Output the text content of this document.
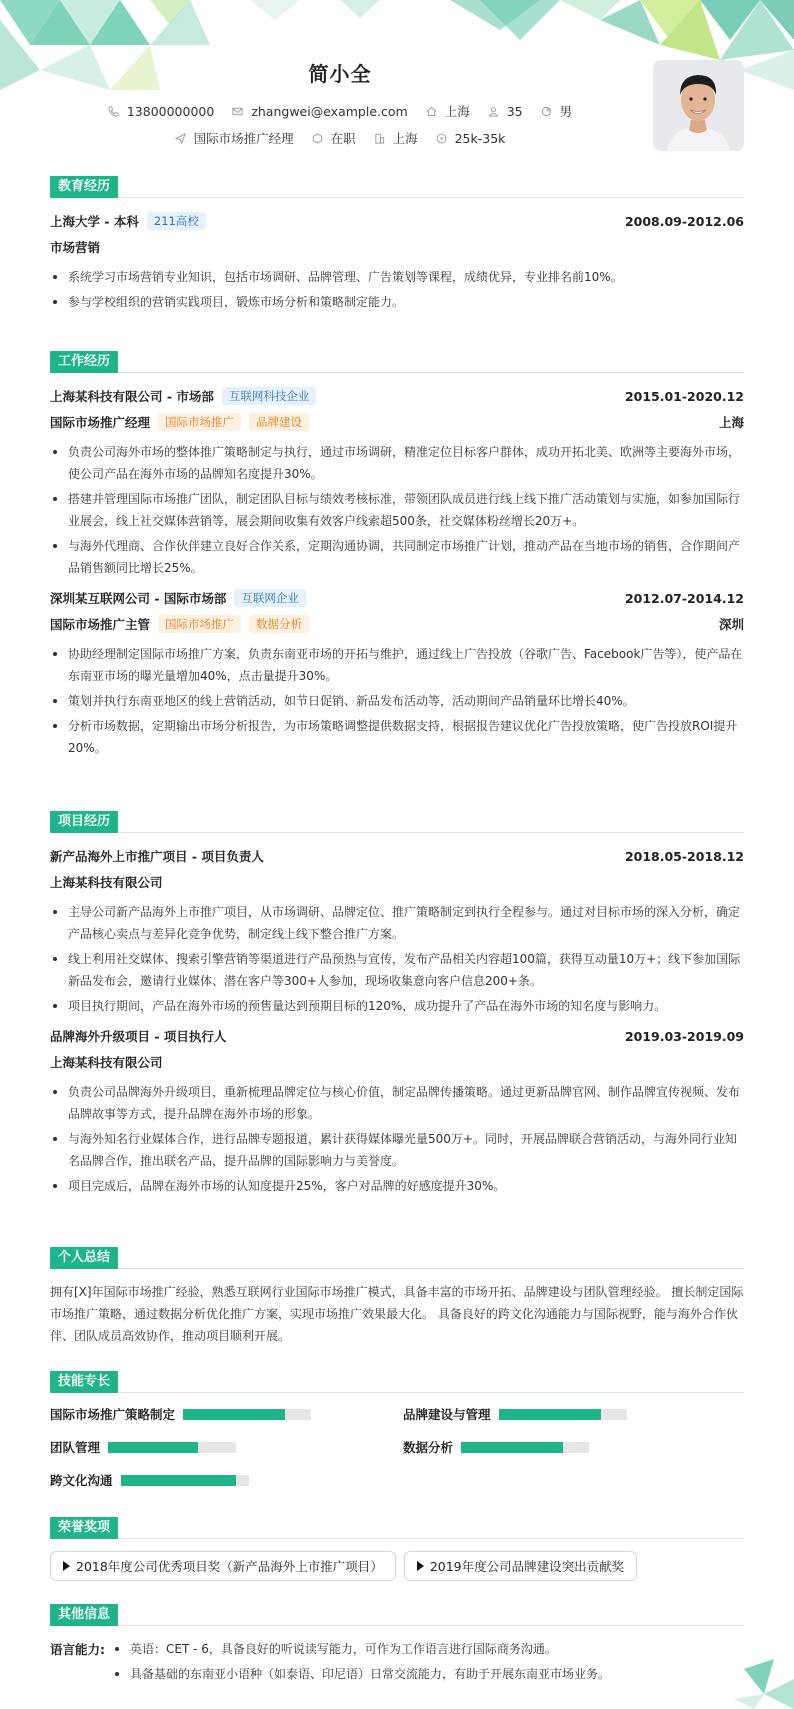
简小全
13800000000	zhangwei@example.com	上海	35	男
国际市场推广经理	在职	上海	25k-35k
教育经历
上海大学 - 本科	211高校	2008.09-2012.06
市场营销
系统学习市场营销专业知识，包括市场调研、品牌管理、广告策划等课程，成绩优异，专业排名前10%。
参与学校组织的营销实践项目，锻炼市场分析和策略制定能力。
工作经历
上海某科技有限公司 - 市场部	互联网科技企业	2015.01-2020.12
国际市场推广经理	国际市场推广	品牌建设	上海
负责公司海外市场的整体推广策略制定与执行，通过市场调研，精准定位目标客户群体，成功开拓北美、欧洲等主要海外市场，使公司产品在海外市场的品牌知名度提升30%。
搭建并管理国际市场推广团队，制定团队目标与绩效考核标准，带领团队成员进行线上线下推广活动策划与实施，如参加国际行业展会，线上社交媒体营销等，展会期间收集有效客户线索超500条，社交媒体粉丝增长20万+。
与海外代理商、合作伙伴建立良好合作关系，定期沟通协调，共同制定市场推广计划，推动产品在当地市场的销售，合作期间产品销售额同比增长25%。
深圳某互联网公司 - 国际市场部	互联网企业	2012.07-2014.12
国际市场推广主管	国际市场推广	数据分析	深圳
协助经理制定国际市场推广方案，负责东南亚市场的开拓与维护，通过线上广告投放（谷歌广告、Facebook广告等），使产品在东南亚市场的曝光量增加40%，点击量提升30%。
策划并执行东南亚地区的线上营销活动，如节日促销、新品发布活动等，活动期间产品销量环比增长40%。
分析市场数据，定期输出市场分析报告，为市场策略调整提供数据支持，根据报告建议优化广告投放策略，使广告投放ROI提升20%。
项目经历
新产品海外上市推广项目 - 项目负责人	2018.05-2018.12
上海某科技有限公司
主导公司新产品海外上市推广项目，从市场调研、品牌定位、推广策略制定到执行全程参与。通过对目标市场的深入分析，确定产品核心卖点与差异化竞争优势，制定线上线下整合推广方案。
线上利用社交媒体、搜索引擎营销等渠道进行产品预热与宣传，发布产品相关内容超100篇，获得互动量10万+；线下参加国际新品发布会，邀请行业媒体、潜在客户等300+人参加，现场收集意向客户信息200+条。
项目执行期间，产品在海外市场的预售量达到预期目标的120%，成功提升了产品在海外市场的知名度与影响力。
品牌海外升级项目 - 项目执行人	2019.03-2019.09
上海某科技有限公司
负责公司品牌海外升级项目，重新梳理品牌定位与核心价值，制定品牌传播策略。通过更新品牌官网、制作品牌宣传视频、发布品牌故事等方式，提升品牌在海外市场的形象。
与海外知名行业媒体合作，进行品牌专题报道，累计获得媒体曝光量500万+。同时，开展品牌联合营销活动，与海外同行业知名品牌合作，推出联名产品，提升品牌的国际影响力与美誉度。
项目完成后，品牌在海外市场的认知度提升25%，客户对品牌的好感度提升30%。
个人总结

拥有[X]年国际市场推广经验，熟悉互联网行业国际市场推广模式，具备丰富的市场开拓、品牌建设与团队管理经验。 擅长制定国际市场推广策略，通过数据分析优化推广方案，实现市场推广效果最大化。 具备良好的跨文化沟通能力与国际视野，能与海外合作伙伴、团队成员高效协作，推动项目顺利开展。

技能专长
国际市场推广策略制定	品牌建设与管理
团队管理	数据分析
跨文化沟通
荣誉奖项
2018年度公司优秀项目奖（新产品海外上市推广项目）	2019年度公司品牌建设突出贡献奖
其他信息
语言能力:	英语：CET - 6，具备良好的听说读写能力，可作为工作语言进行国际商务沟通。
具备基础的东南亚小语种（如泰语、印尼语）日常交流能力，有助于开展东南亚市场业务。
